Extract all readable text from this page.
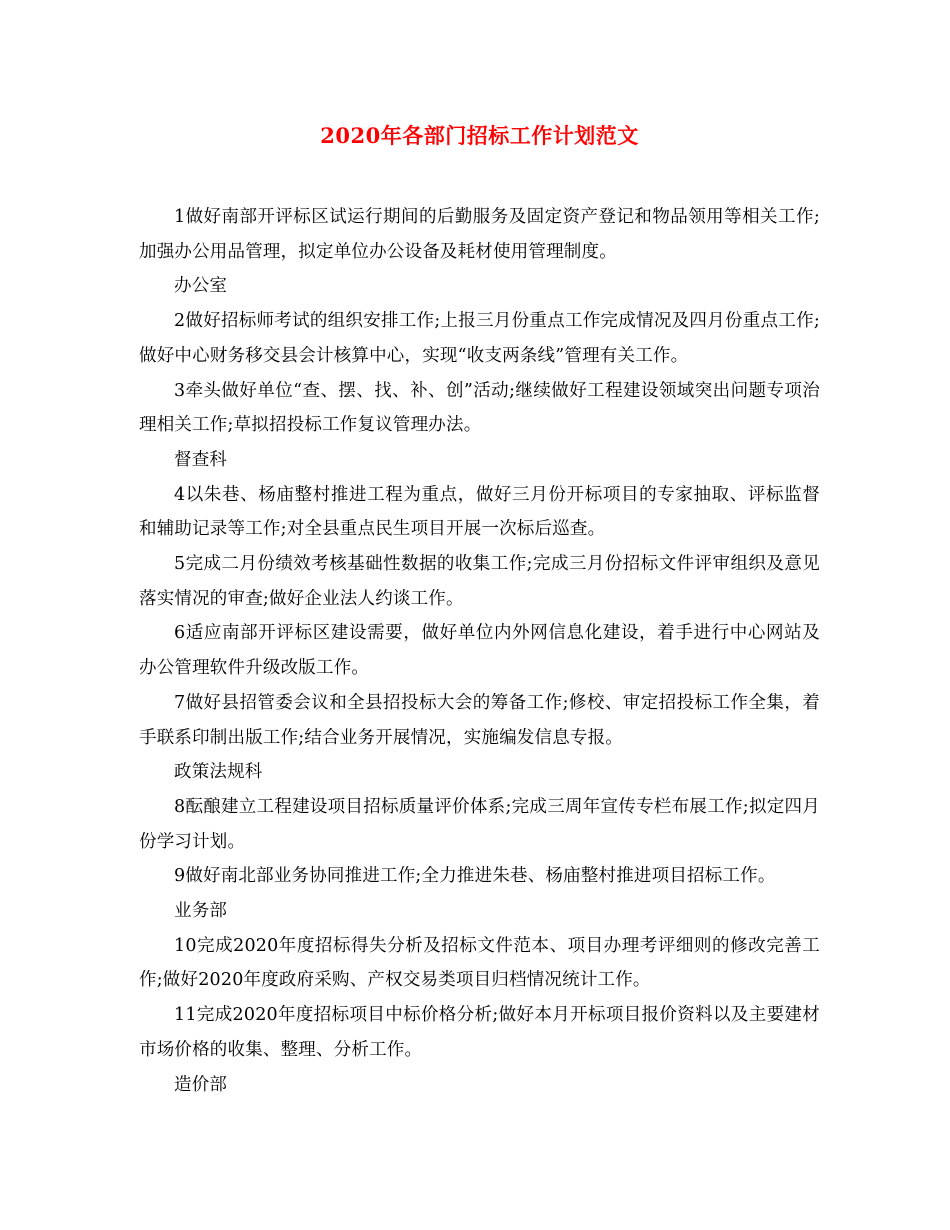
2020年各部门招标工作计划范文

1做好南部开评标区试运行期间的后勤服务及固定资产登记和物品领用等相关工作;加强办公用品管理，拟定单位办公设备及耗材使用管理制度。

办公室

2做好招标师考试的组织安排工作;上报三月份重点工作完成情况及四月份重点工作;做好中心财务移交县会计核算中心，实现“收支两条线”管理有关工作。

3牵头做好单位“查、摆、找、补、创”活动;继续做好工程建设领域突出问题专项治理相关工作;草拟招投标工作复议管理办法。

督查科

4以朱巷、杨庙整村推进工程为重点，做好三月份开标项目的专家抽取、评标监督和辅助记录等工作;对全县重点民生项目开展一次标后巡查。

5完成二月份绩效考核基础性数据的收集工作;完成三月份招标文件评审组织及意见落实情况的审查;做好企业法人约谈工作。

6适应南部开评标区建设需要，做好单位内外网信息化建设，着手进行中心网站及办公管理软件升级改版工作。

7做好县招管委会议和全县招投标大会的筹备工作;修校、审定招投标工作全集，着手联系印制出版工作;结合业务开展情况，实施编发信息专报。

政策法规科

8酝酿建立工程建设项目招标质量评价体系;完成三周年宣传专栏布展工作;拟定四月份学习计划。

9做好南北部业务协同推进工作;全力推进朱巷、杨庙整村推进项目招标工作。

业务部

10完成2020年度招标得失分析及招标文件范本、项目办理考评细则的修改完善工作;做好2020年度政府采购、产权交易类项目归档情况统计工作。

11完成2020年度招标项目中标价格分析;做好本月开标项目报价资料以及主要建材市场价格的收集、整理、分析工作。

造价部
